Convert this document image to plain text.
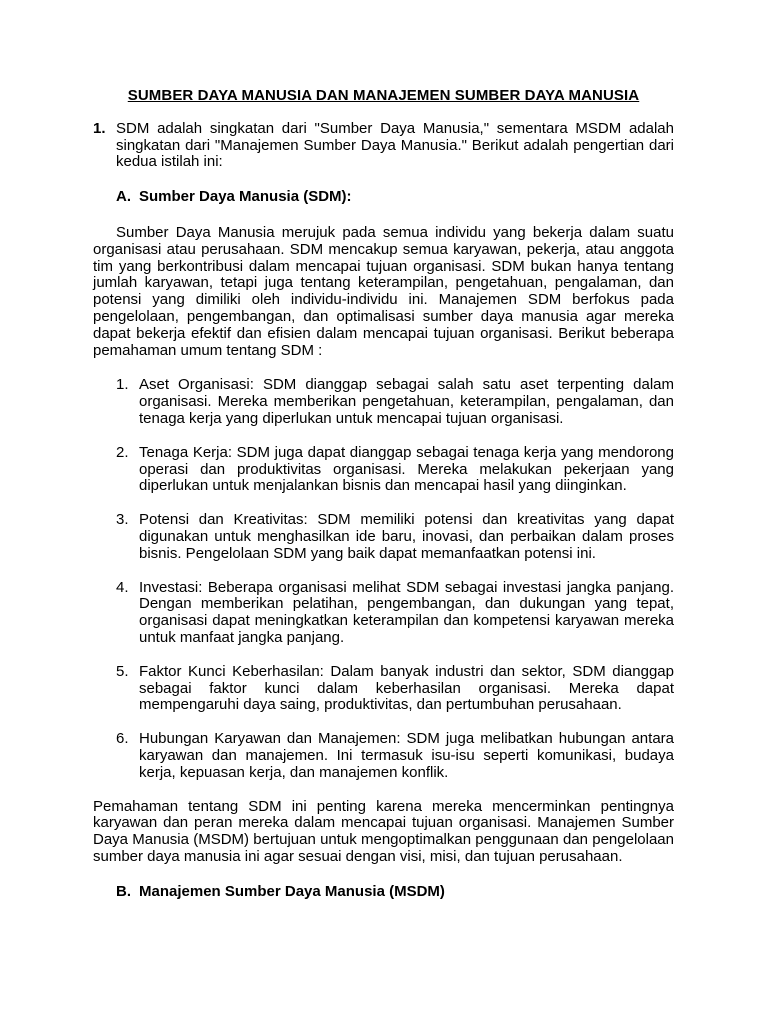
SUMBER DAYA MANUSIA DAN MANAJEMEN SUMBER DAYA MANUSIA
1. SDM adalah singkatan dari "Sumber Daya Manusia," sementara MSDM adalah singkatan dari "Manajemen Sumber Daya Manusia." Berikut adalah pengertian dari kedua istilah ini:
A. Sumber Daya Manusia (SDM):
Sumber Daya Manusia merujuk pada semua individu yang bekerja dalam suatu organisasi atau perusahaan. SDM mencakup semua karyawan, pekerja, atau anggota tim yang berkontribusi dalam mencapai tujuan organisasi. SDM bukan hanya tentang jumlah karyawan, tetapi juga tentang keterampilan, pengetahuan, pengalaman, dan potensi yang dimiliki oleh individu-individu ini. Manajemen SDM berfokus pada pengelolaan, pengembangan, dan optimalisasi sumber daya manusia agar mereka dapat bekerja efektif dan efisien dalam mencapai tujuan organisasi. Berikut beberapa pemahaman umum tentang SDM :
1. Aset Organisasi: SDM dianggap sebagai salah satu aset terpenting dalam organisasi. Mereka memberikan pengetahuan, keterampilan, pengalaman, dan tenaga kerja yang diperlukan untuk mencapai tujuan organisasi.
2. Tenaga Kerja: SDM juga dapat dianggap sebagai tenaga kerja yang mendorong operasi dan produktivitas organisasi. Mereka melakukan pekerjaan yang diperlukan untuk menjalankan bisnis dan mencapai hasil yang diinginkan.
3. Potensi dan Kreativitas: SDM memiliki potensi dan kreativitas yang dapat digunakan untuk menghasilkan ide baru, inovasi, dan perbaikan dalam proses bisnis. Pengelolaan SDM yang baik dapat memanfaatkan potensi ini.
4. Investasi: Beberapa organisasi melihat SDM sebagai investasi jangka panjang. Dengan memberikan pelatihan, pengembangan, dan dukungan yang tepat, organisasi dapat meningkatkan keterampilan dan kompetensi karyawan mereka untuk manfaat jangka panjang.
5. Faktor Kunci Keberhasilan: Dalam banyak industri dan sektor, SDM dianggap sebagai faktor kunci dalam keberhasilan organisasi. Mereka dapat mempengaruhi daya saing, produktivitas, dan pertumbuhan perusahaan.
6. Hubungan Karyawan dan Manajemen: SDM juga melibatkan hubungan antara karyawan dan manajemen. Ini termasuk isu-isu seperti komunikasi, budaya kerja, kepuasan kerja, dan manajemen konflik.
Pemahaman tentang SDM ini penting karena mereka mencerminkan pentingnya karyawan dan peran mereka dalam mencapai tujuan organisasi. Manajemen Sumber Daya Manusia (MSDM) bertujuan untuk mengoptimalkan penggunaan dan pengelolaan sumber daya manusia ini agar sesuai dengan visi, misi, dan tujuan perusahaan.
B. Manajemen Sumber Daya Manusia (MSDM)
